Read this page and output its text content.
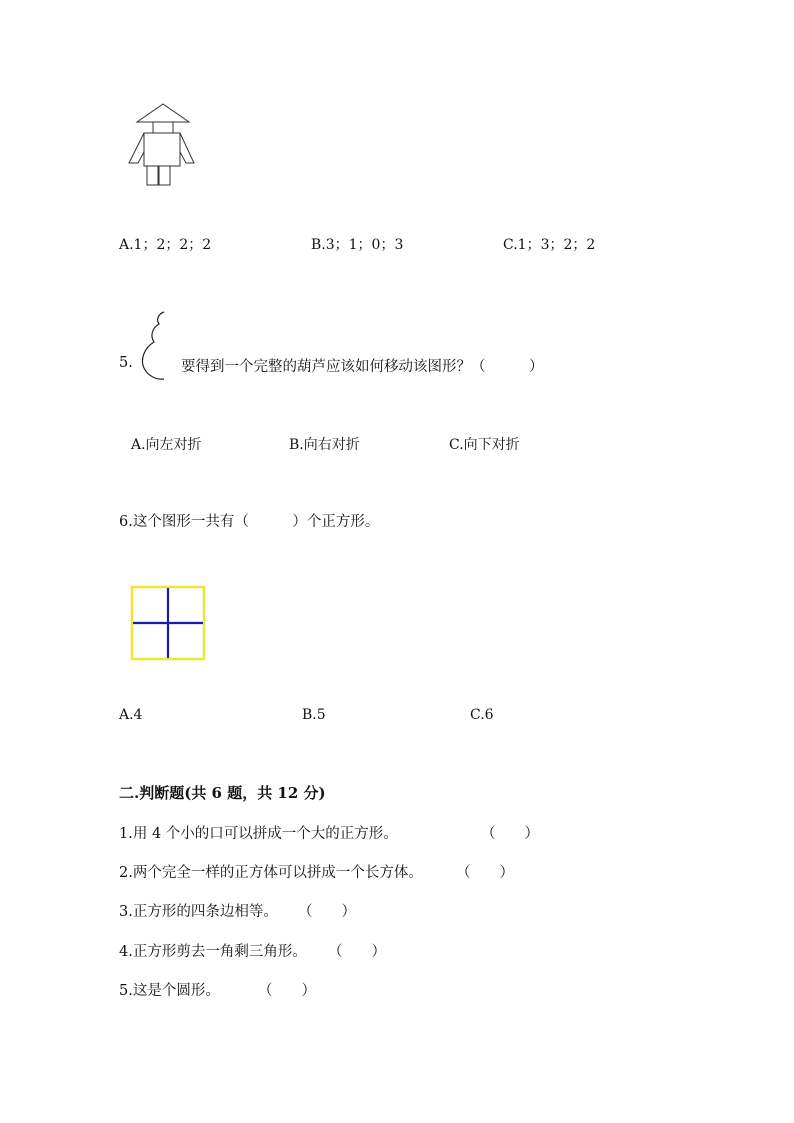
A.1；2；2；2	B.3；1；0；3	C.1；3；2；2
5.	要得到一个完整的葫芦应该如何移动该图形？（　　　）
A.向左对折	B.向右对折	C.向下对折
6.这个图形一共有（　　　）个正方形。
A.4	B.5	C.6
二.判断题(共 6 题，共 12 分)
1.用 4 个小的口可以拼成一个大的正方形。	（　　）
2.两个完全一样的正方体可以拼成一个长方体。 （　　）
3.正方形的四条边相等。 （　　）
4.正方形剪去一角剩三角形。 （　　）
5.这是个圆形。	（　　）
